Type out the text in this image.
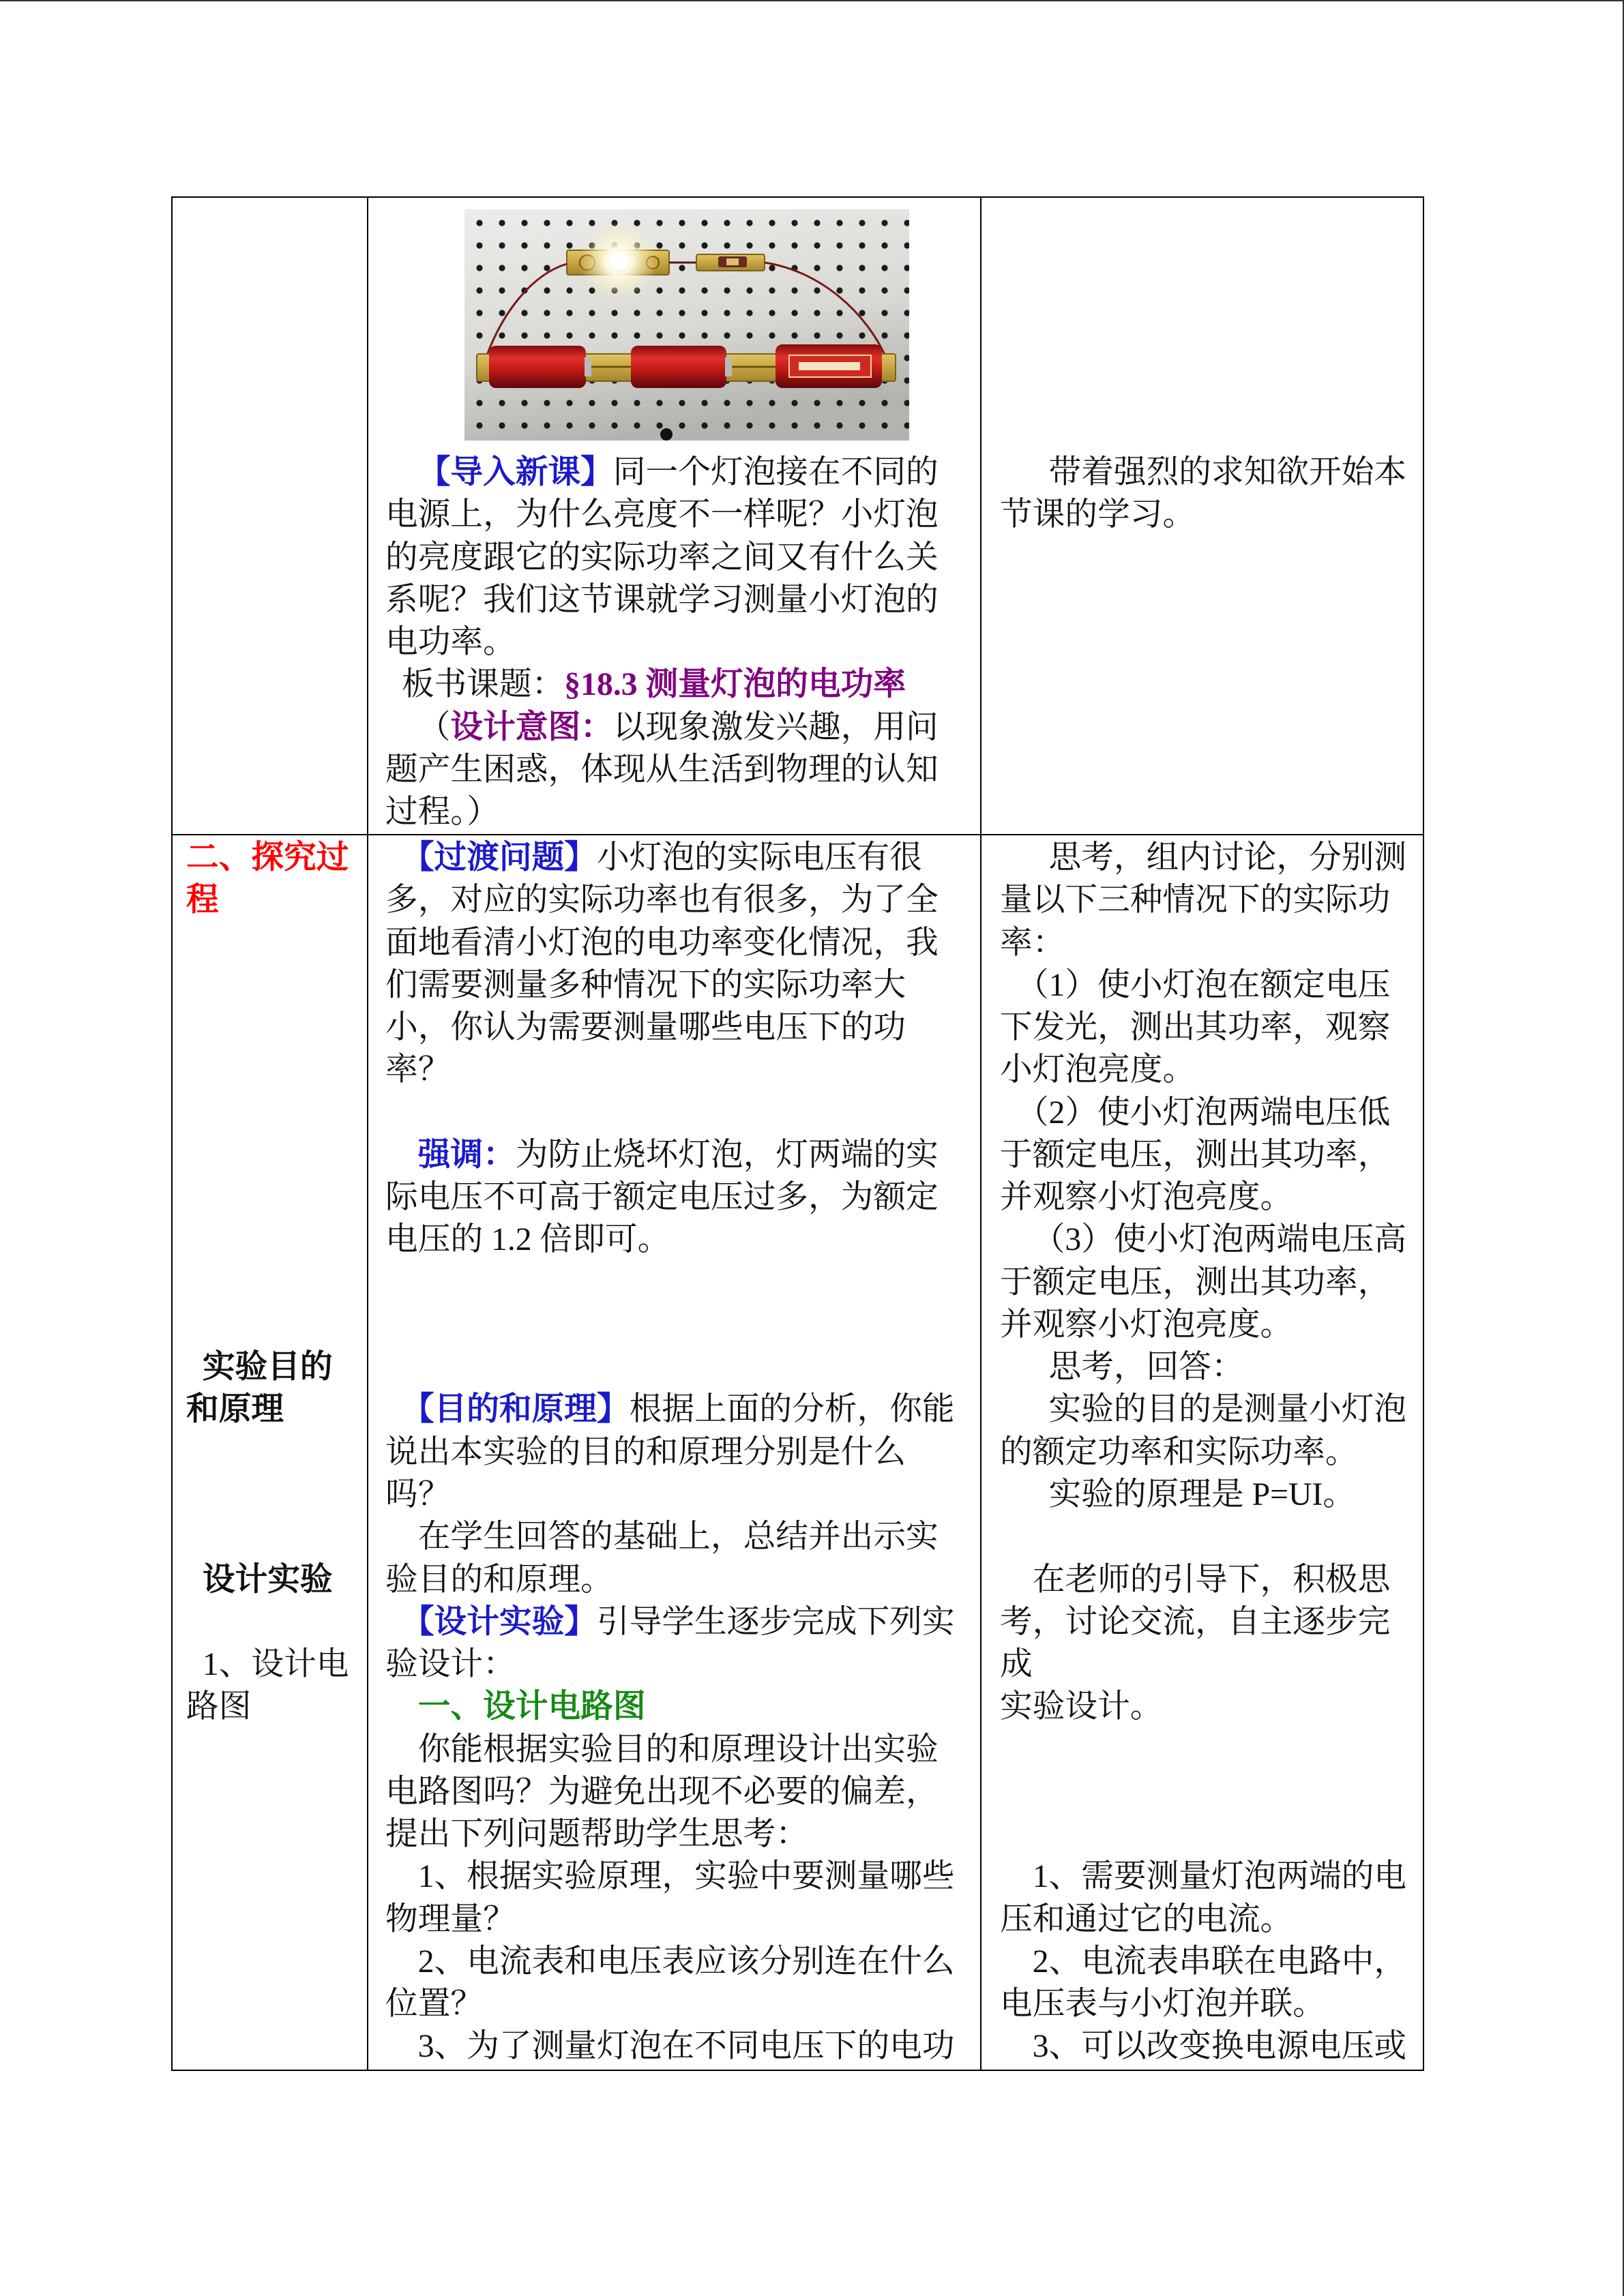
【导入新课】同一个灯泡接在不同的
电源上，为什么亮度不一样呢？小灯泡
的亮度跟它的实际功率之间又有什么关
系呢？我们这节课就学习测量小灯泡的
电功率。
板书课题：§18.3 测量灯泡的电功率
（设计意图：以现象激发兴趣，用问
题产生困惑，体现从生活到物理的认知
过程。）
带着强烈的求知欲开始本
节课的学习。
二、探究过
程
实验目的
和原理
设计实验
1、设计电
路图
【过渡问题】小灯泡的实际电压有很
多，对应的实际功率也有很多，为了全
面地看清小灯泡的电功率变化情况，我
们需要测量多种情况下的实际功率大
小，你认为需要测量哪些电压下的功
率？
强调：为防止烧坏灯泡，灯两端的实
际电压不可高于额定电压过多，为额定
电压的 1.2 倍即可。
【目的和原理】根据上面的分析，你能
说出本实验的目的和原理分别是什么
吗？
在学生回答的基础上，总结并出示实
验目的和原理。
【设计实验】引导学生逐步完成下列实
验设计：
一、设计电路图
你能根据实验目的和原理设计出实验
电路图吗？为避免出现不必要的偏差，
提出下列问题帮助学生思考：
1、根据实验原理，实验中要测量哪些
物理量？
2、电流表和电压表应该分别连在什么
位置？
3、为了测量灯泡在不同电压下的电功
思考，组内讨论，分别测
量以下三种情况下的实际功
率：
（1）使小灯泡在额定电压
下发光，测出其功率，观察
小灯泡亮度。
（2）使小灯泡两端电压低
于额定电压，测出其功率，
并观察小灯泡亮度。
（3）使小灯泡两端电压高
于额定电压，测出其功率，
并观察小灯泡亮度。
思考，回答：
实验的目的是测量小灯泡
的额定功率和实际功率。
实验的原理是 P=UI。
在老师的引导下，积极思
考，讨论交流，自主逐步完
成
实验设计。
1、需要测量灯泡两端的电
压和通过它的电流。
2、电流表串联在电路中，
电压表与小灯泡并联。
3、可以改变换电源电压或
